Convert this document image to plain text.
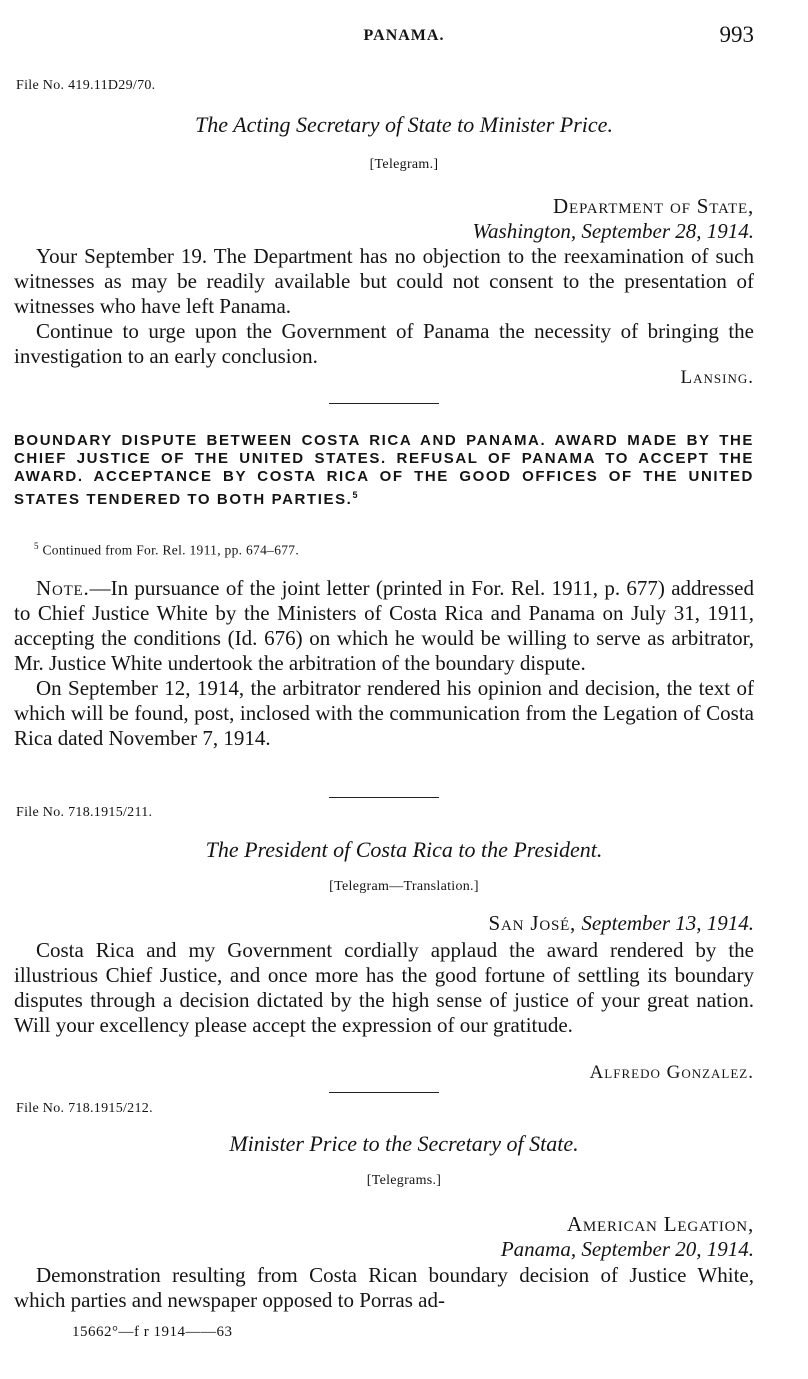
PANAMA.	993
File No. 419.11D29/70.
The Acting Secretary of State to Minister Price.
[Telegram.]
Department of State,
Washington, September 28, 1914.

Your September 19. The Department has no objection to the reexamination of such witnesses as may be readily available but could not consent to the presentation of witnesses who have left Panama.

Continue to urge upon the Government of Panama the necessity of bringing the investigation to an early conclusion.

Lansing.
BOUNDARY DISPUTE BETWEEN COSTA RICA AND PANAMA. AWARD MADE BY THE CHIEF JUSTICE OF THE UNITED STATES. REFUSAL OF PANAMA TO ACCEPT THE AWARD. ACCEPTANCE BY COSTA RICA OF THE GOOD OFFICES OF THE UNITED STATES TENDERED TO BOTH PARTIES.$^5$
$^5$ Continued from For. Rel. 1911, pp. 674–677.

Note.—In pursuance of the joint letter (printed in For. Rel. 1911, p. 677) addressed to Chief Justice White by the Ministers of Costa Rica and Panama on July 31, 1911, accepting the conditions (Id. 676) on which he would be willing to serve as arbitrator, Mr. Justice White undertook the arbitration of the boundary dispute.

On September 12, 1914, the arbitrator rendered his opinion and decision, the text of which will be found, post, inclosed with the communication from the Legation of Costa Rica dated November 7, 1914.

File No. 718.1915/211.
The President of Costa Rica to the President.
[Telegram—Translation.]
San José, September 13, 1914.

Costa Rica and my Government cordially applaud the award rendered by the illustrious Chief Justice, and once more has the good fortune of settling its boundary disputes through a decision dictated by the high sense of justice of your great nation. Will your excellency please accept the expression of our gratitude.

Alfredo Gonzalez.
File No. 718.1915/212.
Minister Price to the Secretary of State.
[Telegrams.]
American Legation,
Panama, September 20, 1914.

Demonstration resulting from Costa Rican boundary decision of Justice White, which parties and newspaper opposed to Porras ad-

15662°—f r 1914——63
